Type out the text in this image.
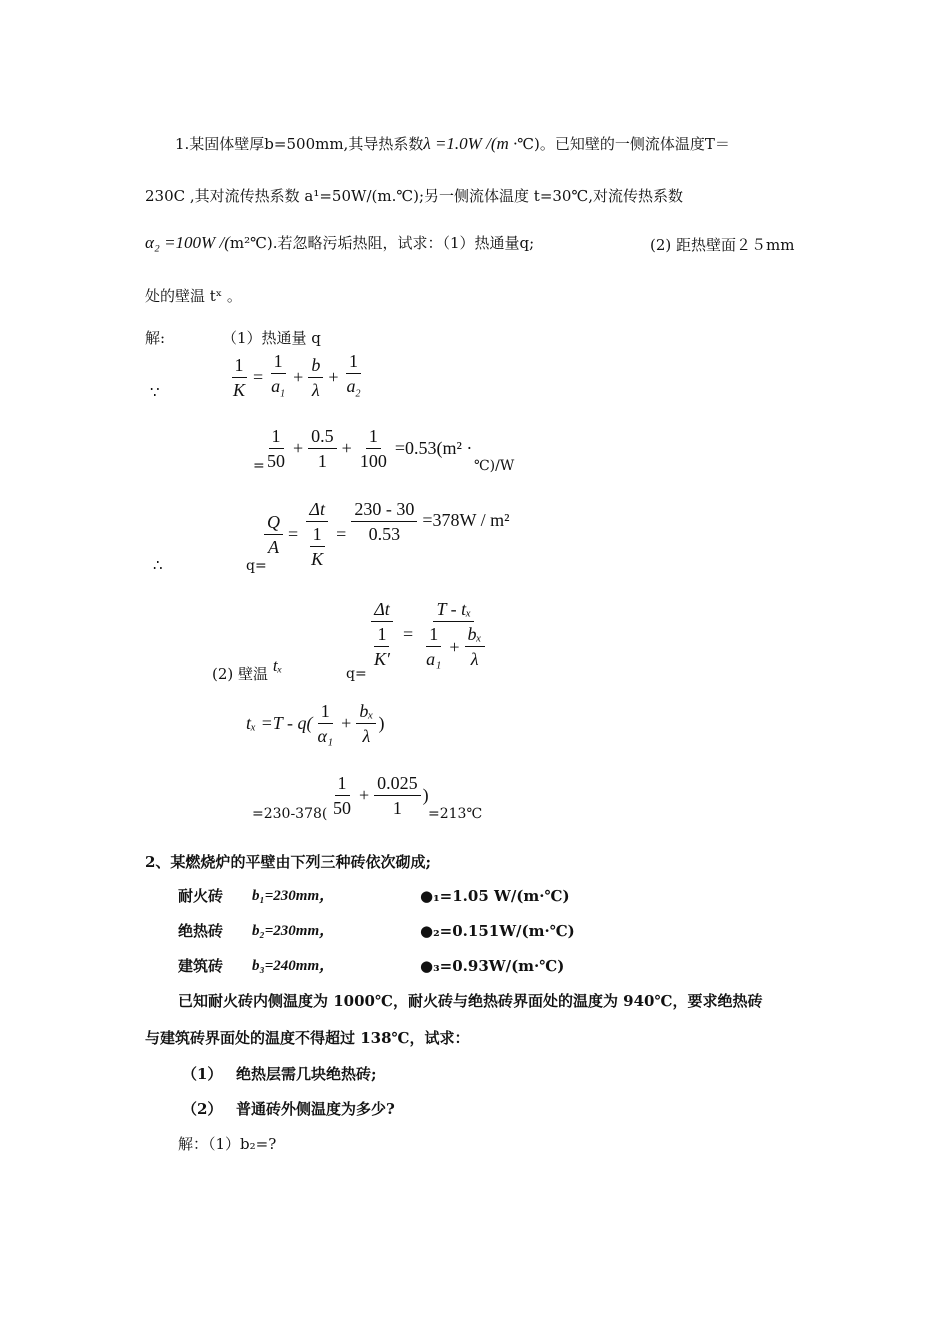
1.某固体壁厚b=500mm,其导热系数λ =1.0W /(m ·℃)。已知壁的一侧流体温度T＝
230C ,其对流传热系数 a¹=50W/(m.℃);另一侧流体温度 t=30℃,对流传热系数
α₂ =100W /(m²℃).若忽略污垢热阻，试求：（1）热通量q;	(2) 距热壁面２５mm
处的壁温 tˣ 。
解:	（1）热通量 q
∵	$\frac{1}{K} = \frac{1}{a_1} + \frac{b}{\lambda} + \frac{1}{a_2}$
= $\frac{1}{50} + \frac{0.5}{1} + \frac{1}{100} =0.53(m^2$ ·
℃)/W
∴	q=
$\frac{Q}{A} = \frac{\Delta t}{\frac{1}{K}} = \frac{230 - 30}{0.53} =378W / m^2$
(2) 壁温 tₓ	q=
$\frac{\Delta t}{\frac{1}{K'}} = \frac{\text{T - tₓ}}{\frac{1}{\text{a₁}} + \frac{\text{bₓ}}{\lambda}}$
$t_x =T - q( \frac{1}{\text{α₁}} + \frac{\text{bₓ}}{\lambda}$ )
$=230-378( \frac{1}{50} + \frac{0.025}{1}$ )
=213℃
2、某燃烧炉的平壁由下列三种砖依次砌成;
耐火砖 b₁=230mm，	●₁=1.05 W/(m·℃)
绝热砖 b₂=230mm，	●₂=0.151W/(m·℃)
建筑砖 b₃=240mm，	●₃=0.93W/(m·℃)
已知耐火砖内侧温度为 1000℃，耐火砖与绝热砖界面处的温度为 940℃，要求绝热砖
与建筑砖界面处的温度不得超过 138℃，试求：
（1） 绝热层需几块绝热砖;
（2） 普通砖外侧温度为多少?
解：（1）b₂=?
